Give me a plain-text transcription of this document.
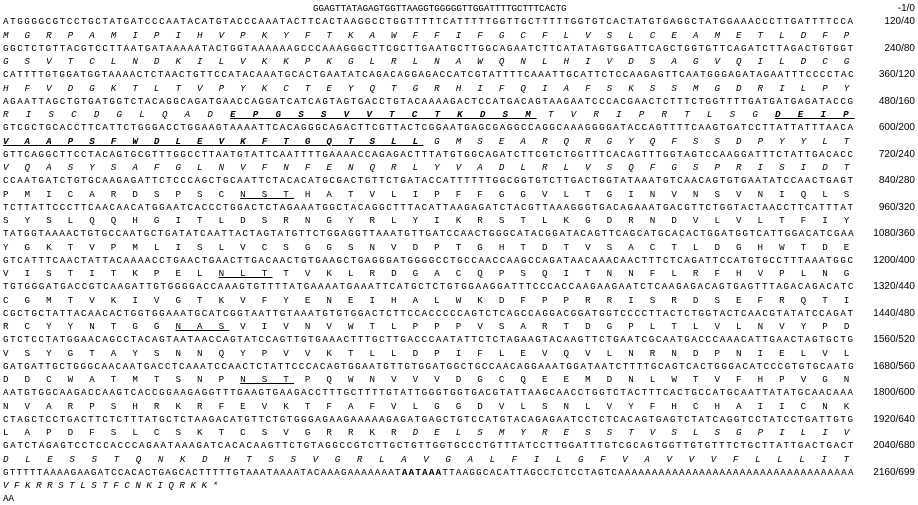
GGAGTTATAGAGTGGTTAAGGTGGGGGTTGGATTTTGCTTTCACTG	-1/0
ATGGGGCGTCCTGCTATGATCCCAATACATGTACCCAAATACTTCACTAAGGCCTGGTTTTTCATTTTTGGTTGCTTTTTGGTGTCACTATGTGAGGCTATGGAAACCCTTGATTTTCCA	120/40
M G R P A M I P I H V P K Y F T K A W F F I F G C F L V S L C E A M E T L D F P
GGCTCTGTTACGTCCTTAATGATAAAAATACTGGTAAAAAAGCCCAAAGGGCTTCGCTTGAATGCTTGGCAGAATCTTCATATAGTGGATTCAGCTGGTGTTCAGATCTTAGACTGTGGT	240/80
G S V T C L N D K I L V K K P K G L R L N A W Q N L H I V D S A G V Q I L D C G
CATTTTGTGGATGGTAAAACTCTAACTGTTCCATACAAATGCACTGAATATCAGACAGGAGACCATCGTATTTTCAAATTGCATTCTCCAAGAGTTCAATGGGAGATAGAATTTCCCCTAC 360/120
H F V D G K T L T V P Y K C T E Y Q T G R H I F Q I A F S K S S M G D R I L P Y
AGAATTAGCTGTGATGGTCTACAGGCAGATGAACCAGGATCATCAGTAGTGACCTGTACAAAAGACTCCATGACAGTAAGAATCCCACGAACTCTTTCTGGTTTTGATGATGAGATACCG 480/160
R I S C D G L Q A D E P G S S V V T C T K D S M T V R I P R T L S G D E I P
GTCGCTGCACCTTCATTCTGGGACCTGGAAGTAAAATTCACAGGGCAGACTTCGTTACTCGGAATGAGCGAGGCCAGGCAAAGGGGATACCAGTTTTCAAGTGATCCTTATTATTTAACA 600/200
V A A P S F W D L E V K F T G Q T S L L G M S E A R Q R G Y Q F S S D P Y Y L T
GTTCAGGCTTCCTACAGTGCGTTTGGCCTTAATGTATTCAATTTTGAAAACCAGAGACTTTATGTGGCAGATCTTCGTCTGGTTTCACAGTTTGGTAGTCCAAGGATTTCTATTGACACC 720/240
V Q A S Y S A F G L N V F N F E N Q R L Y V A D L R L V S Q F G S P R I S I D T
CCAATGATCTGTGCAAGAGATTCTCCCAGCTGCAATTCTACACATGCGACTGTTCTGATACCATTTTTTGGCGGTGTCTTGACTGGTATAAATGTCAACAGTGTGAATATCCAACTGAGT 840/280
P M I C A R D S P S C N S T H A T V L I P F F G G V L T G I N V N S V N I Q L S
TCTTATTCCCTTCAACAACATGGAATCACCCTGGACTCTAGAAATGGCTACAGGCTTTACATTAAGAGATCTACGTTAAAGGGTGACAGAAATGACGTTCTGGTACTAACCTTCATTTAT 960/320
S Y S L Q Q H G I T L D S R N G Y R L Y I K R S T L K G D R N D V L V L T F I Y
TATGGTAAAACTGTGCCAATGCTGATATCAATTACTAGTATGTTCTGGAGGTTAAATGTTGATCCAACTGGGCATACGGATACAGTTCAGCATGCACACTGGATGGTCATTGGACATCGAA 1080/360
Y G K T V P M L I S L V C S G G S N V D P T G H T D T V S A C T L D G H W T D E
GTCATTTCAACTATTACAAAACCTGAACTGAACTTGACAACTGTGAAGCTGAGGGATGGGGCCTGCCAACCAAGCCAGATAACAAACAACTTTCTCAGATTCCATGTGCCTTTAAATGGC 1200/400
V I S T I T K P E L N L T T V K L R D G A C Q P S Q I T N N F L R F H V P L N G
TGTGGGATGACCGTCAAGATTGTGGGGACCAAAGTGTTTTATGAAAATGAAATTCATGCTCTGTGGAAGGATTTCCCACCAAGAAGAATCTCAAGAGACAGTGAGTTTAGACAGACATC 1320/440
C G M T V K I V G T K V F Y E N E I H A L W K D F P P R R I S R D S E F R Q T I
CGCTGCTATTACAACACTGGTGGAAATGCATCGGTAATTGTAAATGTGTGGACTCTTCCACCCCCAGTCTCAGCCAGGACGGATGGTCCCCTTACTCTGGTACTCAACGTATATCCAGAT 1440/480
R C Y Y N T G G N A S V I V N V W T L P P P V S A R T D G P L T L V L N V Y P D
GTCTCCTATGGAACAGCCTACAGTAATAACCAGTATCCAGTTGTGAAACTTTGCTTGACCCAATATTCTCTAGAAGTACAAGTTCTGAATCGCAATGACCCAAACATTGAACTAGTGCTG 1560/520
V S Y G T A Y S N N Q Y P V V K T L L D P I F L E V Q V L N R N D P N I E L V L
GATGATTGCTGGGCAACAATGACCTCAAATCCAACTCTATTCCCACAGTGGAATGTTGTGGATGGCTGCCAACAGGAAATGGATAATCTTTTGCAGTCACTGGGACATCCCGTGTGCAATG 1680/560
D D C W A T M T S N P N S T P Q W N V V V D G C Q E E M D N L W T V F H P V G N
AATGTGGCAAGACCAAGTCACCGGAAGAGGTTTGAAGTGAAGACCTTTGCTTTTGTATTGGGTGGTGACGTATTAAGCAACCTGGTCTACTTTCACTGCCATGCAATTATATGCAACAAA 1800/600
N V A R P S H R K R F E V K T F A F V L G G D V L S N L V Y F H C H A I I C N K
CTAGCTCCTGACTTCTCTTTATGCTCTAAGACATGTTCTGTGGGAGAAGAAAAAGAGATGAGCTGTCCATGTACAGAGAATCCTCTCACAGTGAGTCTATCAGGTCCTATCCTGATTGTG 1920/640
L A P D F S L C S K T C S V G R R K R D E L S M Y R E S S T V S L S G P I L I V
GATCTAGAGTCCTCCACCCAGAATAAAGATCACACAAGTTCTGTAGGCCGTCTTGCTGTTGGTGCCCTGTTTATCCTTGGATTTGTCGCAGTGGTTGTGTTTCTGCTTATTGACTGACT 2040/680
D L E S S T Q N K D H T S S V G R L A V G A L F I L G F V A V V V F L L L I T
GTTTTTAAAAGAAGATCCACACTGAGCACTTTTTGTAAATAAAATACAAAGAAAAAAATAATAAATTAAGGCACATTAGCCTCTCCTAGTCAAAAAAAAAAAAAAAAAAAAAAAAAAAAAAAAAAA 2160/699
V F K R R S T L S T F C N K I Q R K K *
AA
